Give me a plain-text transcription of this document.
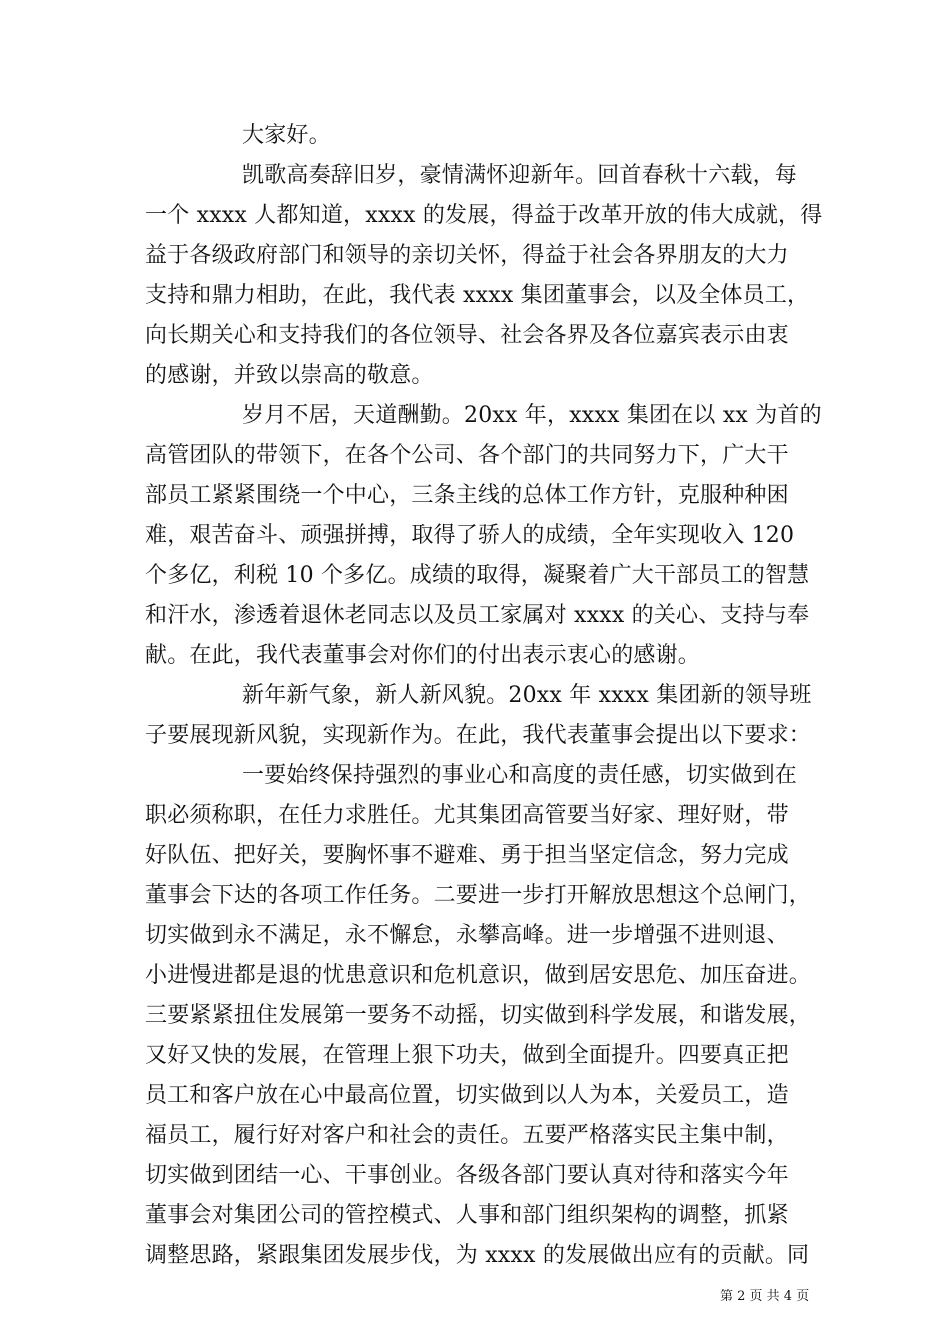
大家好。
凯歌高奏辞旧岁，豪情满怀迎新年。回首春秋十六载，每
一个 xxxx 人都知道，xxxx 的发展，得益于改革开放的伟大成就，得
益于各级政府部门和领导的亲切关怀，得益于社会各界朋友的大力
支持和鼎力相助，在此，我代表 xxxx 集团董事会，以及全体员工，
向长期关心和支持我们的各位领导、社会各界及各位嘉宾表示由衷
的感谢，并致以崇高的敬意。
岁月不居，天道酬勤。20xx 年，xxxx 集团在以 xx 为首的
高管团队的带领下，在各个公司、各个部门的共同努力下，广大干
部员工紧紧围绕一个中心，三条主线的总体工作方针，克服种种困
难，艰苦奋斗、顽强拼搏，取得了骄人的成绩，全年实现收入 120
个多亿，利税 10 个多亿。成绩的取得，凝聚着广大干部员工的智慧
和汗水，渗透着退休老同志以及员工家属对 xxxx 的关心、支持与奉
献。在此，我代表董事会对你们的付出表示衷心的感谢。
新年新气象，新人新风貌。20xx 年 xxxx 集团新的领导班
子要展现新风貌，实现新作为。在此，我代表董事会提出以下要求：
一要始终保持强烈的事业心和高度的责任感，切实做到在
职必须称职，在任力求胜任。尤其集团高管要当好家、理好财，带
好队伍、把好关，要胸怀事不避难、勇于担当坚定信念，努力完成
董事会下达的各项工作任务。二要进一步打开解放思想这个总闸门，
切实做到永不满足，永不懈怠，永攀高峰。进一步增强不进则退、
小进慢进都是退的忧患意识和危机意识，做到居安思危、加压奋进。
三要紧紧扭住发展第一要务不动摇，切实做到科学发展，和谐发展，
又好又快的发展，在管理上狠下功夫，做到全面提升。四要真正把
员工和客户放在心中最高位置，切实做到以人为本，关爱员工，造
福员工，履行好对客户和社会的责任。五要严格落实民主集中制，
切实做到团结一心、干事创业。各级各部门要认真对待和落实今年
董事会对集团公司的管控模式、人事和部门组织架构的调整，抓紧
调整思路，紧跟集团发展步伐，为 xxxx 的发展做出应有的贡献。同
第 2 页 共 4 页
